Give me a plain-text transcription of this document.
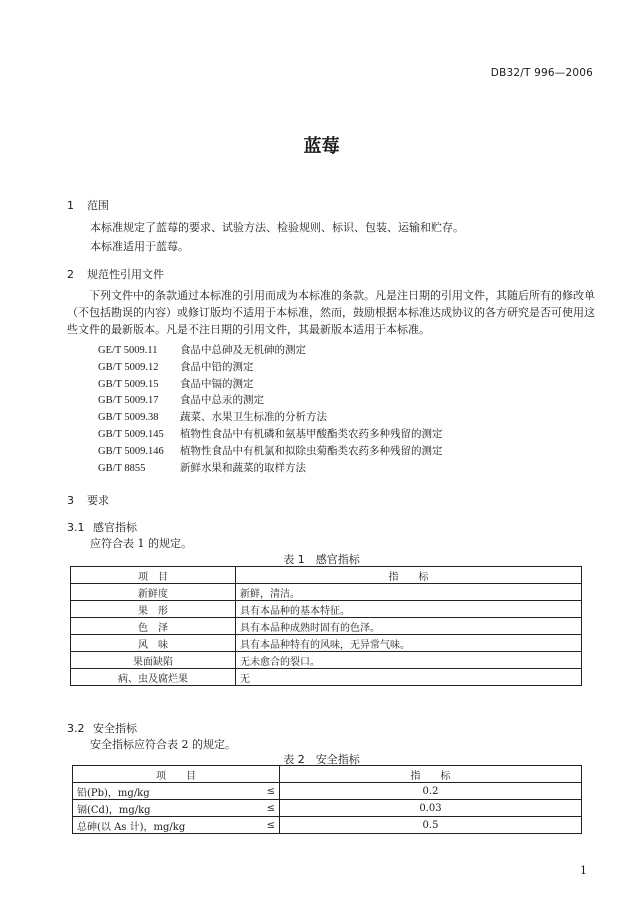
DB32/T 996—2006
蓝莓
1 范围
本标准规定了蓝莓的要求、试验方法、检验规则、标识、包装、运输和贮存。
本标准适用于蓝莓。
2 规范性引用文件
下列文件中的条款通过本标准的引用而成为本标准的条款。凡是注日期的引用文件，其随后所有的修改单（不包括勘误的内容）或修订版均不适用于本标准，然而，鼓励根据本标准达成协议的各方研究是否可使用这些文件的最新版本。凡是不注日期的引用文件，其最新版本适用于本标准。
GE/T 5009.11 食品中总砷及无机砷的测定
GB/T 5009.12 食品中铅的测定
GB/T 5009.15 食品中镉的测定
GB/T 5009.17 食品中总汞的测定
GB/T 5009.38 蔬菜、水果卫生标准的分析方法
GB/T 5009.145 植物性食品中有机磷和氨基甲酸酯类农药多种残留的测定
GB/T 5009.146 植物性食品中有机氯和拟除虫菊酯类农药多种残留的测定
GB/T 8855	新鲜水果和蔬菜的取样方法
3 要求
3.1 感官指标
应符合表 1 的规定。
表 1　感官指标
项　目	指　　标
新鲜度	新鲜，清洁。
果　形	具有本品种的基本特征。
色　泽	具有本品种成熟时固有的色泽。
风　味	具有本品种特有的风味，无异常气味。
果面缺陷	无未愈合的裂口。
病、虫及腐烂果	无
3.2 安全指标
安全指标应符合表 2 的规定。
表 2　安全指标
项　　目		指　　标
铅(Pb)，mg/kg	≤	0.2
镉(Cd)，mg/kg	≤	0.03
总砷(以 As 计)，mg/kg	≤	0.5
1
